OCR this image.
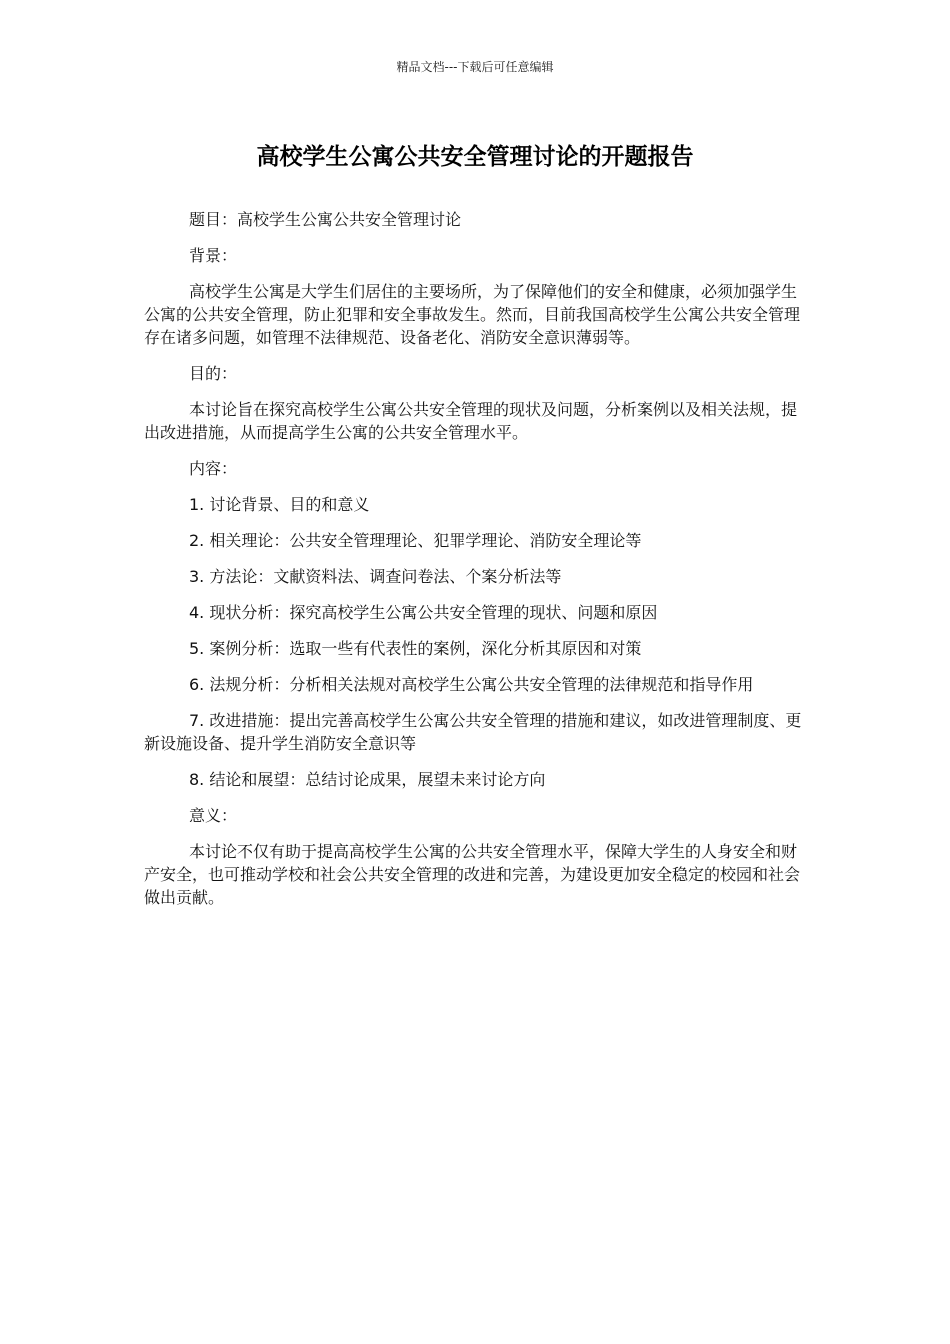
精品文档---下载后可任意编辑
高校学生公寓公共安全管理讨论的开题报告

题目：高校学生公寓公共安全管理讨论

背景：

高校学生公寓是大学生们居住的主要场所，为了保障他们的安全和健康，必须加强学生公寓的公共安全管理，防止犯罪和安全事故发生。然而，目前我国高校学生公寓公共安全管理存在诸多问题，如管理不法律规范、设备老化、消防安全意识薄弱等。

目的：

本讨论旨在探究高校学生公寓公共安全管理的现状及问题，分析案例以及相关法规，提出改进措施，从而提高学生公寓的公共安全管理水平。

内容：

1. 讨论背景、目的和意义

2. 相关理论：公共安全管理理论、犯罪学理论、消防安全理论等

3. 方法论：文献资料法、调查问卷法、个案分析法等

4. 现状分析：探究高校学生公寓公共安全管理的现状、问题和原因

5. 案例分析：选取一些有代表性的案例，深化分析其原因和对策

6. 法规分析：分析相关法规对高校学生公寓公共安全管理的法律规范和指导作用

7. 改进措施：提出完善高校学生公寓公共安全管理的措施和建议，如改进管理制度、更新设施设备、提升学生消防安全意识等

8. 结论和展望：总结讨论成果，展望未来讨论方向

意义：

本讨论不仅有助于提高高校学生公寓的公共安全管理水平，保障大学生的人身安全和财产安全，也可推动学校和社会公共安全管理的改进和完善，为建设更加安全稳定的校园和社会做出贡献。
